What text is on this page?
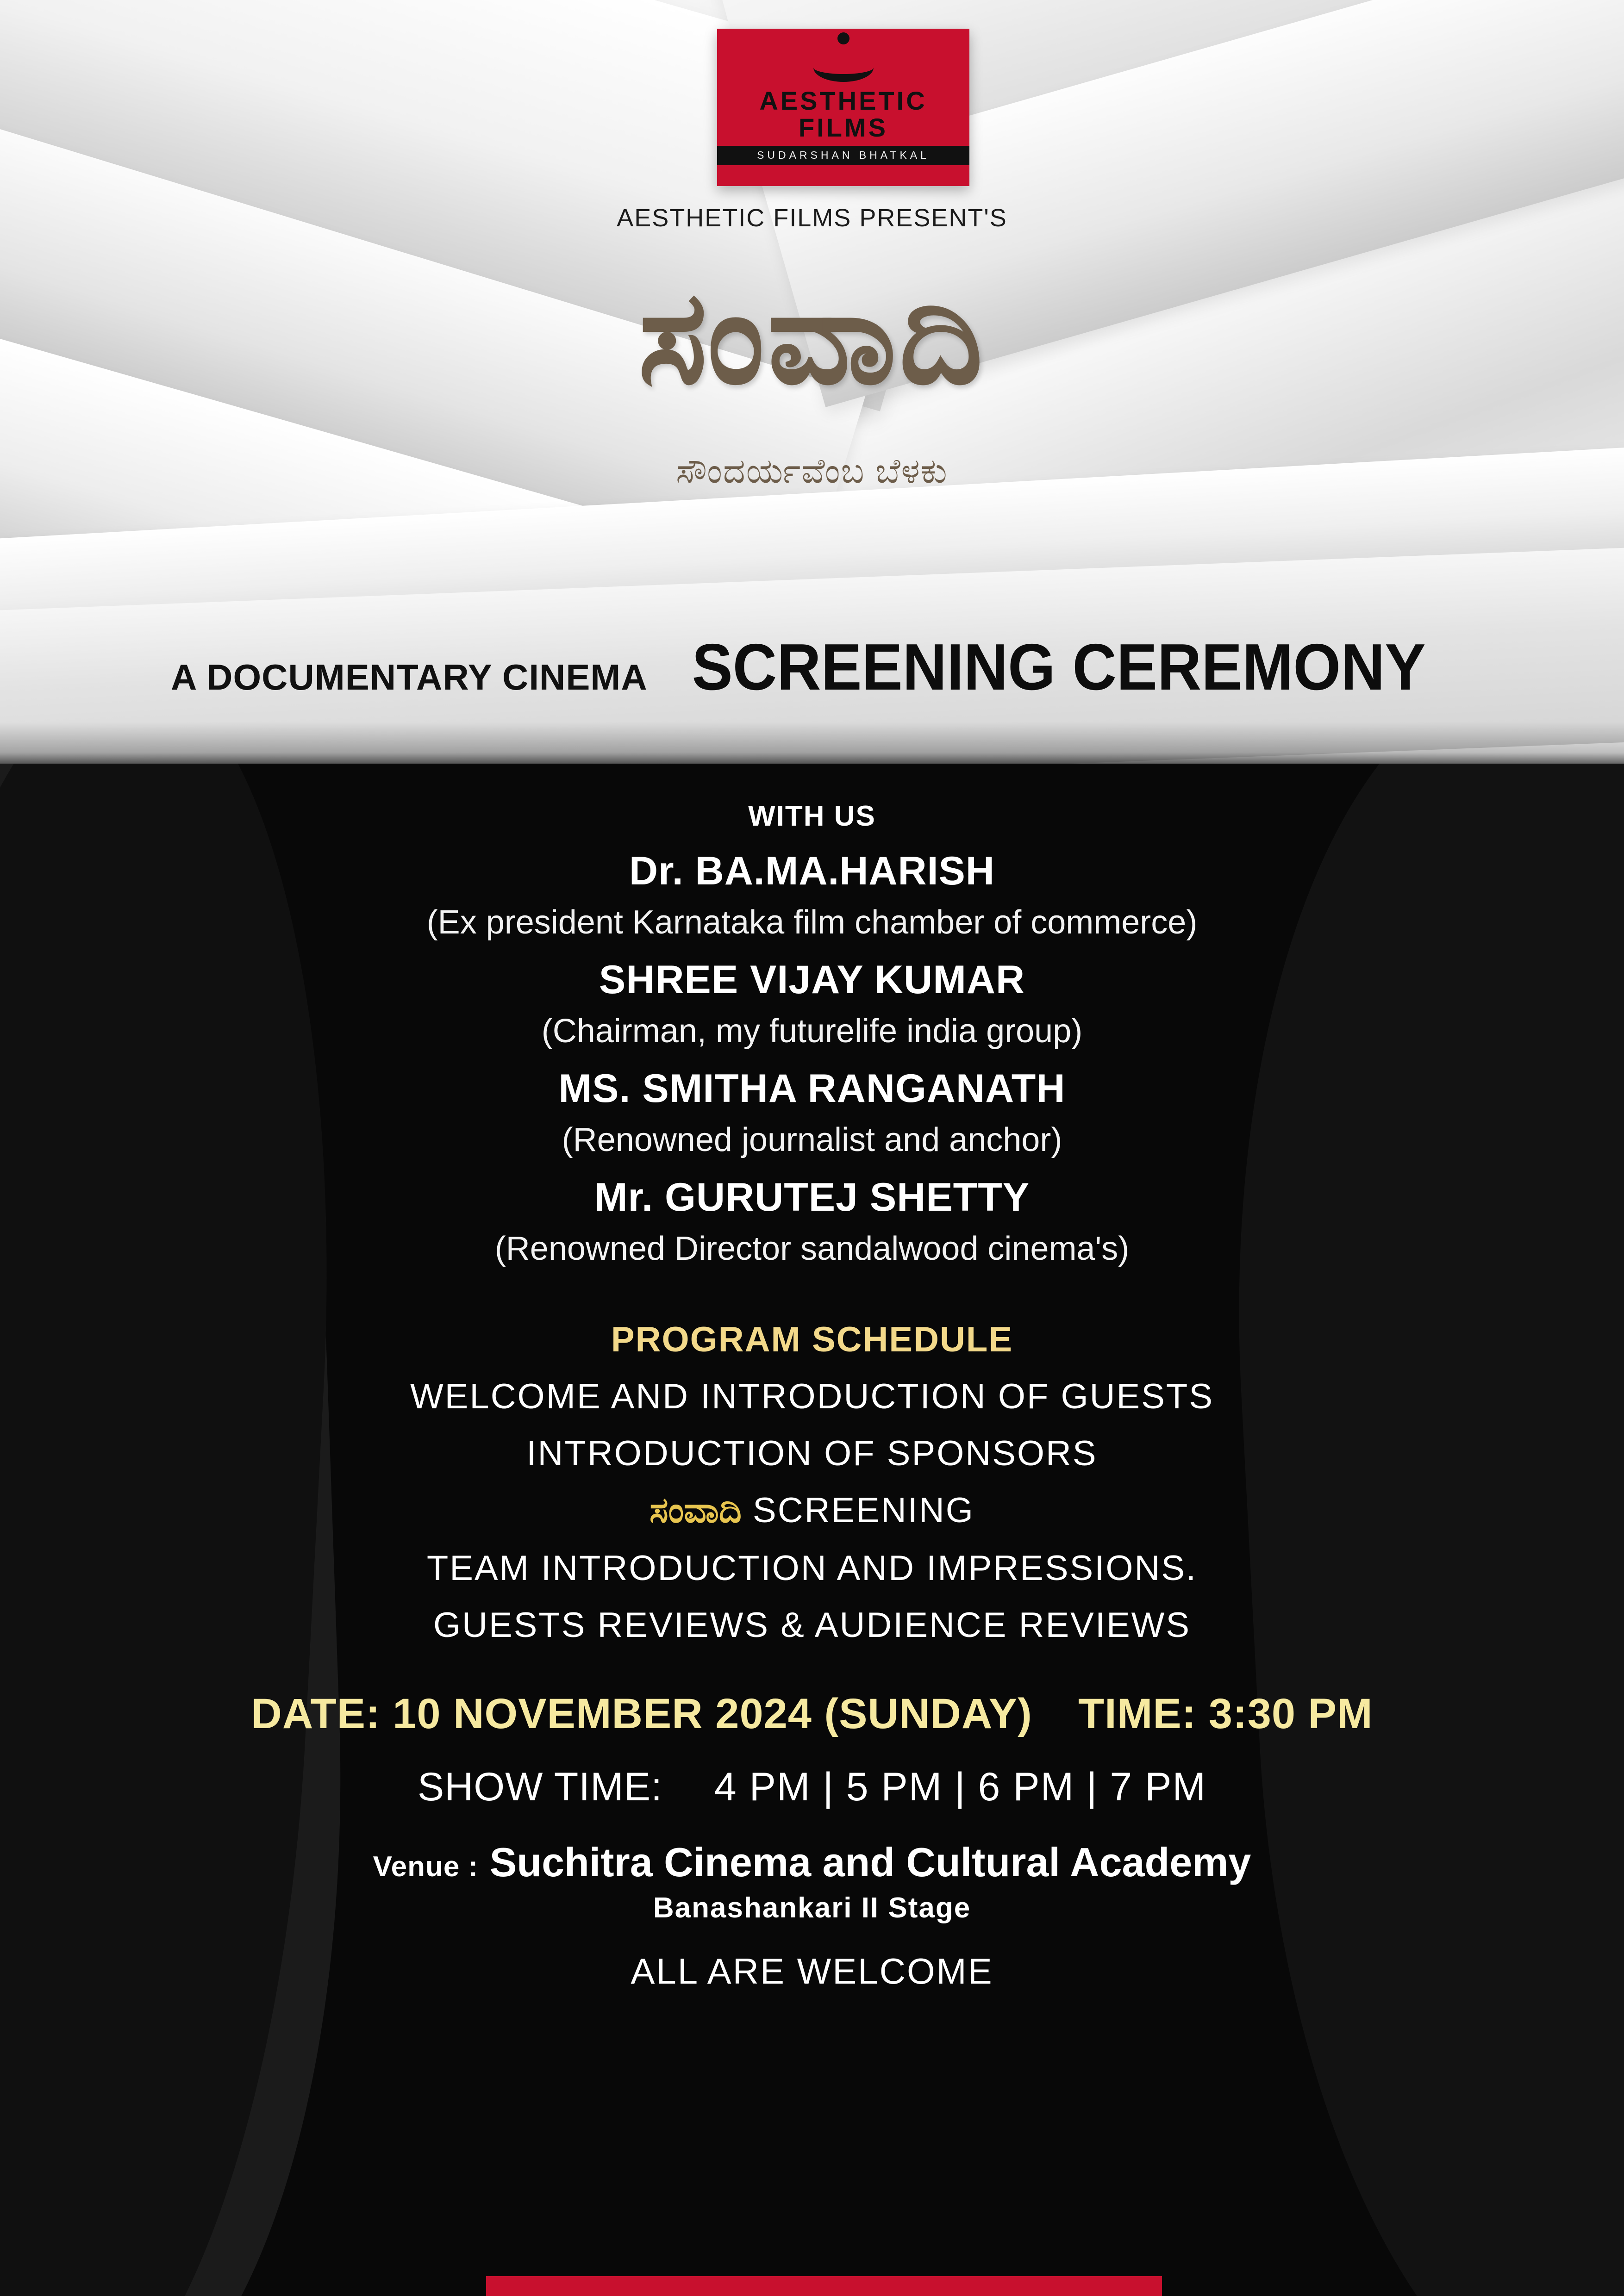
AESTHETIC
FILMS
SUDARSHAN BHATKAL
AESTHETIC FILMS PRESENT'S
ಸಂವಾದಿ
ಸೌಂದರ್ಯವೆಂಬ ಬೆಳಕು
A DOCUMENTARY CINEMA SCREENING CEREMONY
WITH US
Dr. BA.MA.HARISH
(Ex president Karnataka film chamber of commerce)
SHREE VIJAY KUMAR
(Chairman, my futurelife india group)
MS. SMITHA RANGANATH
(Renowned journalist and anchor)
Mr. GURUTEJ SHETTY
(Renowned Director sandalwood cinema's)
PROGRAM SCHEDULE
WELCOME AND INTRODUCTION OF GUESTS
INTRODUCTION OF SPONSORS
ಸಂವಾದಿ SCREENING
TEAM INTRODUCTION AND IMPRESSIONS.
GUESTS REVIEWS & AUDIENCE REVIEWS
DATE: 10 NOVEMBER 2024 (SUNDAY) TIME: 3:30 PM
SHOW TIME: 4 PM | 5 PM | 6 PM | 7 PM
Venue : Suchitra Cinema and Cultural Academy
Banashankari II Stage
ALL ARE WELCOME
